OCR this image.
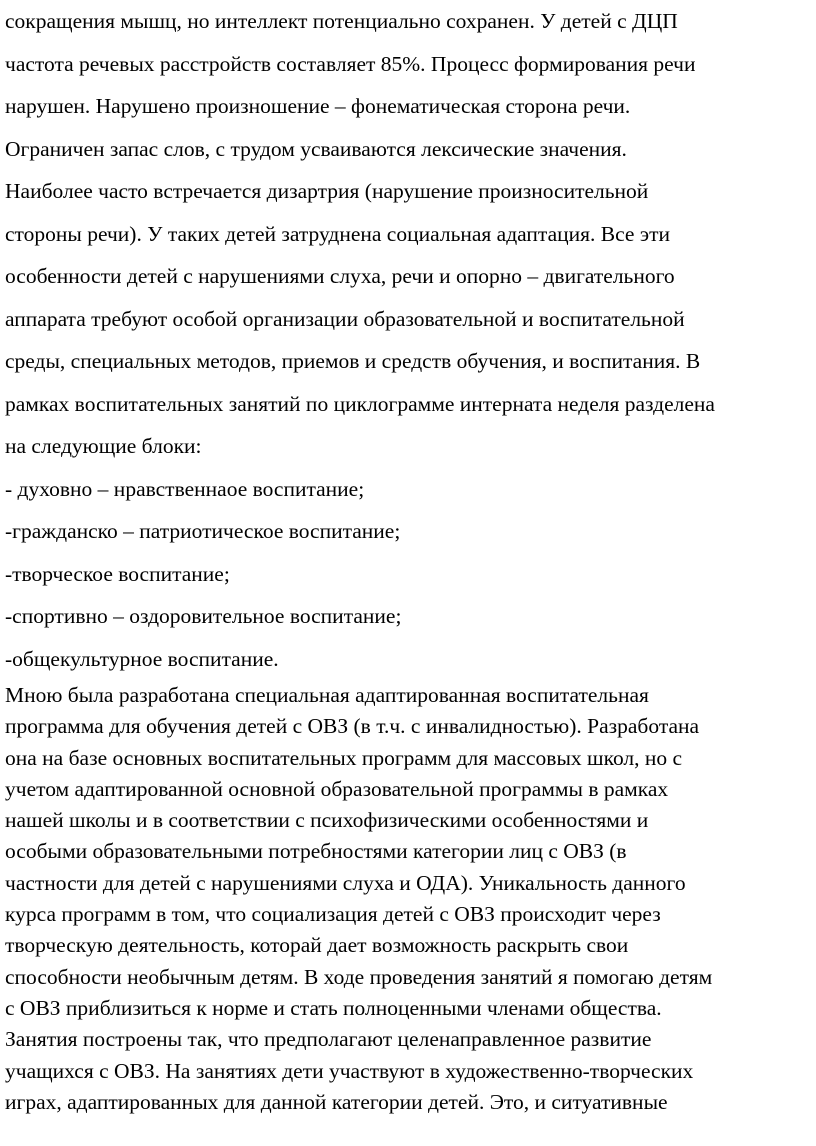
сокращения мышц, но интеллект потенциально сохранен. У детей с ДЦП
частота речевых расстройств составляет 85%. Процесс формирования речи
нарушен. Нарушено произношение – фонематическая сторона речи.
Ограничен запас слов, с трудом усваиваются лексические значения.
Наиболее часто встречается дизартрия (нарушение произносительной
стороны речи). У таких детей затруднена социальная адаптация. Все эти
особенности детей с нарушениями слуха, речи и опорно – двигательного
аппарата требуют особой организации образовательной и воспитательной
среды, специальных методов, приемов и средств обучения, и воспитания. В
рамках воспитательных занятий по циклограмме интерната неделя разделена
на следующие блоки:
- духовно – нравственнаое воспитание;
-гражданско – патриотическое воспитание;
-творческое воспитание;
-спортивно – оздоровительное воспитание;
-общекультурное воспитание.
Мною была разработана специальная адаптированная воспитательная
программа для обучения детей с ОВЗ (в т.ч. с инвалидностью). Разработана
она на базе основных воспитательных программ для массовых школ, но с
учетом адаптированной основной образовательной программы в рамках
нашей школы и в соответствии с психофизическими особенностями и
особыми образовательными потребностями категории лиц с ОВЗ (в
частности для детей с нарушениями слуха и ОДА). Уникальность данного
курса программ в том, что социализация детей с ОВЗ происходит через
творческую деятельность, которай дает возможность раскрыть свои
способности необычным детям. В ходе проведения занятий я помогаю детям
с ОВЗ приблизиться к норме и стать полноценными членами общества.
Занятия построены так, что предполагают целенаправленное развитие
учащихся с ОВЗ. На занятиях дети участвуют в художественно-творческих
играх, адаптированных для данной категории детей. Это, и ситуативные
